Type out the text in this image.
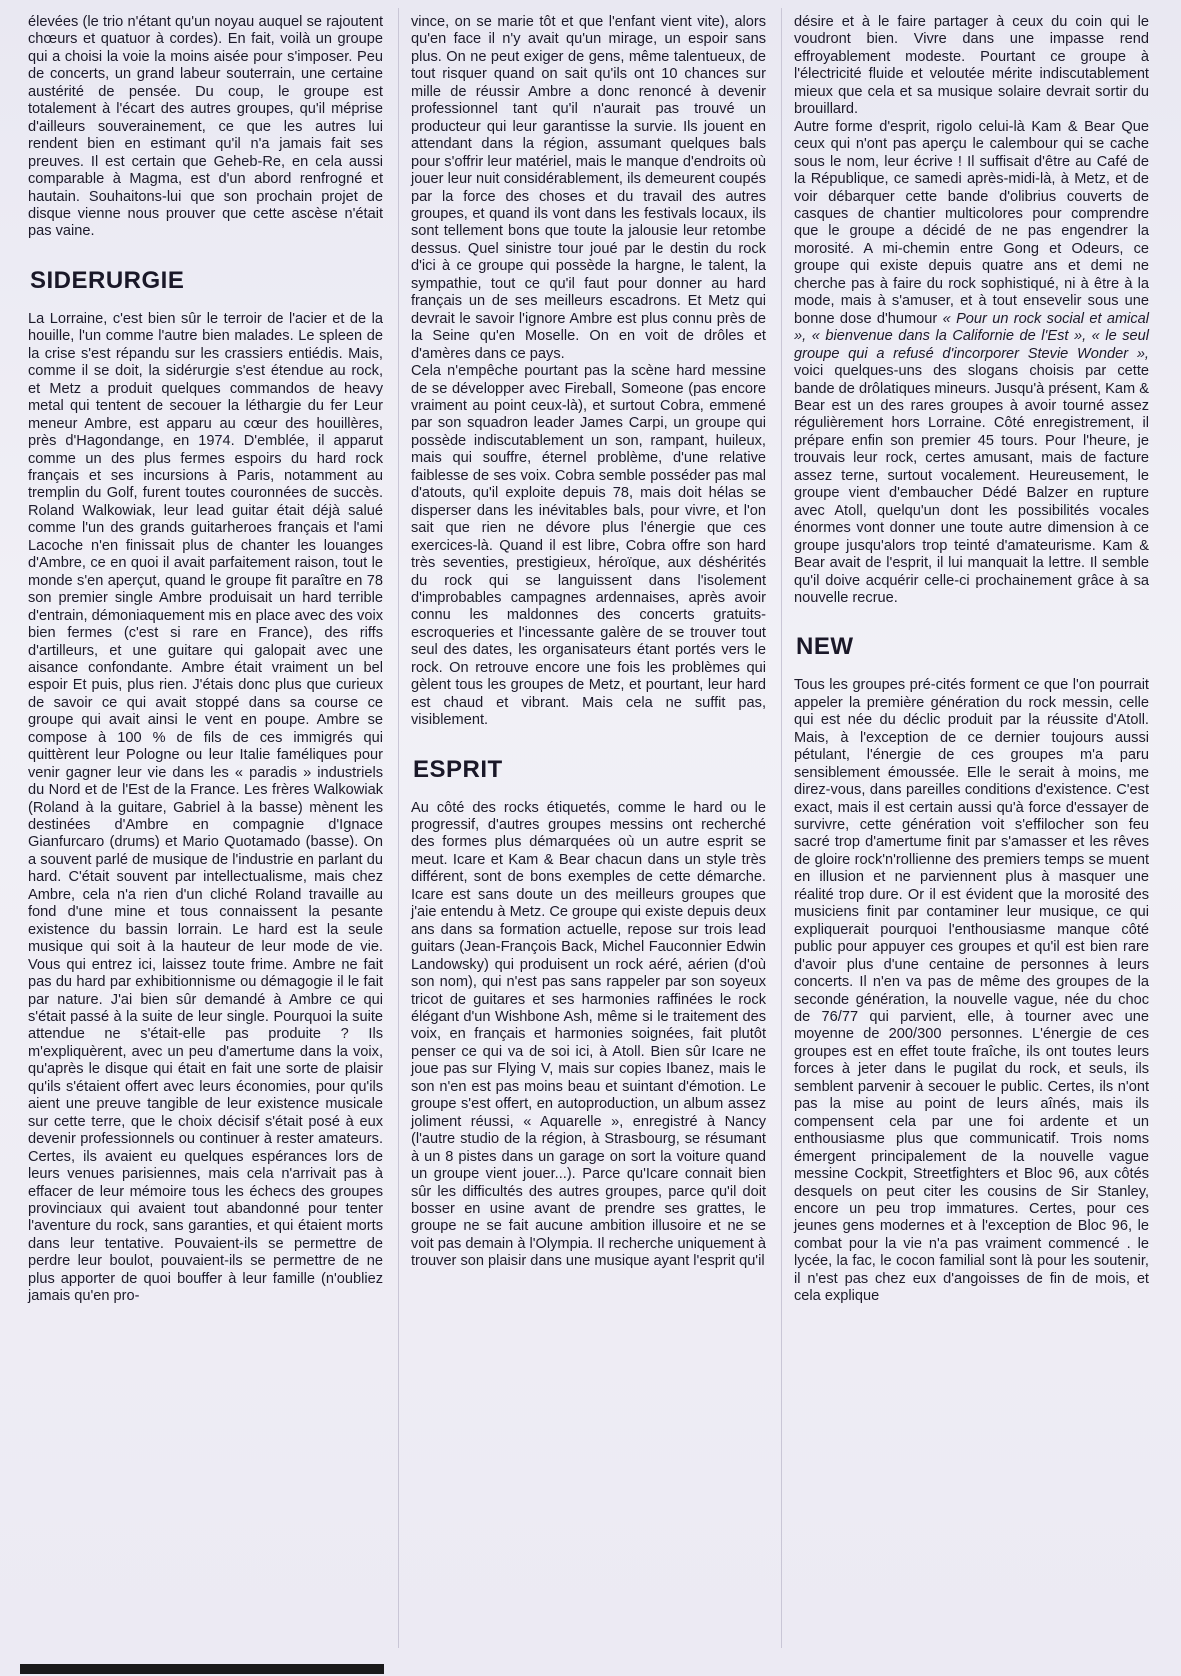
élevées (le trio n'étant qu'un noyau auquel se rajoutent chœurs et quatuor à cordes). En fait, voilà un groupe qui a choisi la voie la moins aisée pour s'imposer. Peu de concerts, un grand labeur souterrain, une certaine austérité de pensée. Du coup, le groupe est totalement à l'écart des autres groupes, qu'il méprise d'ailleurs souverainement, ce que les autres lui rendent bien en estimant qu'il n'a jamais fait ses preuves. Il est certain que Geheb-Re, en cela aussi comparable à Magma, est d'un abord renfrogné et hautain. Souhaitons-lui que son prochain projet de disque vienne nous prouver que cette ascèse n'était pas vaine.

SIDERURGIE

La Lorraine, c'est bien sûr le terroir de l'acier et de la houille, l'un comme l'autre bien malades. Le spleen de la crise s'est répandu sur les crassiers entiédis. Mais, comme il se doit, la sidérurgie s'est étendue au rock, et Metz a produit quelques commandos de heavy metal qui tentent de secouer la léthargie du fer Leur meneur Ambre, est apparu au cœur des houillères, près d'Hagondange, en 1974. D'emblée, il apparut comme un des plus fermes espoirs du hard rock français et ses incursions à Paris, notamment au tremplin du Golf, furent toutes couronnées de succès. Roland Walkowiak, leur lead guitar était déjà salué comme l'un des grands guitarheroes français et l'ami Lacoche n'en finissait plus de chanter les louanges d'Ambre, ce en quoi il avait parfaitement raison, tout le monde s'en aperçut, quand le groupe fit paraître en 78 son premier single Ambre produisait un hard terrible d'entrain, démoniaquement mis en place avec des voix bien fermes (c'est si rare en France), des riffs d'artilleurs, et une guitare qui galopait avec une aisance confondante. Ambre était vraiment un bel espoir Et puis, plus rien. J'étais donc plus que curieux de savoir ce qui avait stoppé dans sa course ce groupe qui avait ainsi le vent en poupe. Ambre se compose à 100 % de fils de ces immigrés qui quittèrent leur Pologne ou leur Italie faméliques pour venir gagner leur vie dans les « paradis » industriels du Nord et de l'Est de la France. Les frères Walkowiak (Roland à la guitare, Gabriel à la basse) mènent les destinées d'Ambre en compagnie d'Ignace Gianfurcaro (drums) et Mario Quotamado (basse). On a souvent parlé de musique de l'industrie en parlant du hard. C'était souvent par intellectualisme, mais chez Ambre, cela n'a rien d'un cliché Roland travaille au fond d'une mine et tous connaissent la pesante existence du bassin lorrain. Le hard est la seule musique qui soit à la hauteur de leur mode de vie. Vous qui entrez ici, laissez toute frime. Ambre ne fait pas du hard par exhibitionnisme ou démagogie il le fait par nature. J'ai bien sûr demandé à Ambre ce qui s'était passé à la suite de leur single. Pourquoi la suite attendue ne s'était-elle pas produite ? Ils m'expliquèrent, avec un peu d'amertume dans la voix, qu'après le disque qui était en fait une sorte de plaisir qu'ils s'étaient offert avec leurs économies, pour qu'ils aient une preuve tangible de leur existence musicale sur cette terre, que le choix décisif s'était posé à eux devenir professionnels ou continuer à rester amateurs. Certes, ils avaient eu quelques espérances lors de leurs venues parisiennes, mais cela n'arrivait pas à effacer de leur mémoire tous les échecs des groupes provinciaux qui avaient tout abandonné pour tenter l'aventure du rock, sans garanties, et qui étaient morts dans leur tentative. Pouvaient-ils se permettre de perdre leur boulot, pouvaient-ils se permettre de ne plus apporter de quoi bouffer à leur famille (n'oubliez jamais qu'en pro-

vince, on se marie tôt et que l'enfant vient vite), alors qu'en face il n'y avait qu'un mirage, un espoir sans plus. On ne peut exiger de gens, même talentueux, de tout risquer quand on sait qu'ils ont 10 chances sur mille de réussir Ambre a donc renoncé à devenir professionnel tant qu'il n'aurait pas trouvé un producteur qui leur garantisse la survie. Ils jouent en attendant dans la région, assumant quelques bals pour s'offrir leur matériel, mais le manque d'endroits où jouer leur nuit considérablement, ils demeurent coupés par la force des choses et du travail des autres groupes, et quand ils vont dans les festivals locaux, ils sont tellement bons que toute la jalousie leur retombe dessus. Quel sinistre tour joué par le destin du rock d'ici à ce groupe qui possède la hargne, le talent, la sympathie, tout ce qu'il faut pour donner au hard français un de ses meilleurs escadrons. Et Metz qui devrait le savoir l'ignore Ambre est plus connu près de la Seine qu'en Moselle. On en voit de drôles et d'amères dans ce pays.

Cela n'empêche pourtant pas la scène hard messine de se développer avec Fireball, Someone (pas encore vraiment au point ceux-là), et surtout Cobra, emmené par son squadron leader James Carpi, un groupe qui possède indiscutablement un son, rampant, huileux, mais qui souffre, éternel problème, d'une relative faiblesse de ses voix. Cobra semble posséder pas mal d'atouts, qu'il exploite depuis 78, mais doit hélas se disperser dans les inévitables bals, pour vivre, et l'on sait que rien ne dévore plus l'énergie que ces exercices-là. Quand il est libre, Cobra offre son hard très seventies, prestigieux, héroïque, aux déshérités du rock qui se languissent dans l'isolement d'improbables campagnes ardennaises, après avoir connu les maldonnes des concerts gratuits-escroqueries et l'incessante galère de se trouver tout seul des dates, les organisateurs étant portés vers le rock. On retrouve encore une fois les problèmes qui gèlent tous les groupes de Metz, et pourtant, leur hard est chaud et vibrant. Mais cela ne suffit pas, visiblement.

ESPRIT

Au côté des rocks étiquetés, comme le hard ou le progressif, d'autres groupes messins ont recherché des formes plus démarquées où un autre esprit se meut. Icare et Kam & Bear chacun dans un style très différent, sont de bons exemples de cette démarche. Icare est sans doute un des meilleurs groupes que j'aie entendu à Metz. Ce groupe qui existe depuis deux ans dans sa formation actuelle, repose sur trois lead guitars (Jean-François Back, Michel Fauconnier Edwin Landowsky) qui produisent un rock aéré, aérien (d'où son nom), qui n'est pas sans rappeler par son soyeux tricot de guitares et ses harmonies raffinées le rock élégant d'un Wishbone Ash, même si le traitement des voix, en français et harmonies soignées, fait plutôt penser ce qui va de soi ici, à Atoll. Bien sûr Icare ne joue pas sur Flying V, mais sur copies Ibanez, mais le son n'en est pas moins beau et suintant d'émotion. Le groupe s'est offert, en autoproduction, un album assez joliment réussi, « Aquarelle », enregistré à Nancy (l'autre studio de la région, à Strasbourg, se résumant à un 8 pistes dans un garage on sort la voiture quand un groupe vient jouer...). Parce qu'Icare connait bien sûr les difficultés des autres groupes, parce qu'il doit bosser en usine avant de prendre ses grattes, le groupe ne se fait aucune ambition illusoire et ne se voit pas demain à l'Olympia. Il recherche uniquement à trouver son plaisir dans une musique ayant l'esprit qu'il

désire et à le faire partager à ceux du coin qui le voudront bien. Vivre dans une impasse rend effroyablement modeste. Pourtant ce groupe à l'électricité fluide et veloutée mérite indiscutablement mieux que cela et sa musique solaire devrait sortir du brouillard.

Autre forme d'esprit, rigolo celui-là Kam & Bear Que ceux qui n'ont pas aperçu le calembour qui se cache sous le nom, leur écrive ! Il suffisait d'être au Café de la République, ce samedi après-midi-là, à Metz, et de voir débarquer cette bande d'olibrius couverts de casques de chantier multicolores pour comprendre que le groupe a décidé de ne pas engendrer la morosité. A mi-chemin entre Gong et Odeurs, ce groupe qui existe depuis quatre ans et demi ne cherche pas à faire du rock sophistiqué, ni à être à la mode, mais à s'amuser, et à tout ensevelir sous une bonne dose d'humour « Pour un rock social et amical », « bienvenue dans la Californie de l'Est », « le seul groupe qui a refusé d'incorporer Stevie Wonder », voici quelques-uns des slogans choisis par cette bande de drôlatiques mineurs. Jusqu'à présent, Kam & Bear est un des rares groupes à avoir tourné assez régulièrement hors Lorraine. Côté enregistrement, il prépare enfin son premier 45 tours. Pour l'heure, je trouvais leur rock, certes amusant, mais de facture assez terne, surtout vocalement. Heureusement, le groupe vient d'embaucher Dédé Balzer en rupture avec Atoll, quelqu'un dont les possibilités vocales énormes vont donner une toute autre dimension à ce groupe jusqu'alors trop teinté d'amateurisme. Kam & Bear avait de l'esprit, il lui manquait la lettre. Il semble qu'il doive acquérir celle-ci prochainement grâce à sa nouvelle recrue.

NEW

Tous les groupes pré-cités forment ce que l'on pourrait appeler la première génération du rock messin, celle qui est née du déclic produit par la réussite d'Atoll. Mais, à l'exception de ce dernier toujours aussi pétulant, l'énergie de ces groupes m'a paru sensiblement émoussée. Elle le serait à moins, me direz-vous, dans pareilles conditions d'existence. C'est exact, mais il est certain aussi qu'à force d'essayer de survivre, cette génération voit s'effilocher son feu sacré trop d'amertume finit par s'amasser et les rêves de gloire rock'n'rollienne des premiers temps se muent en illusion et ne parviennent plus à masquer une réalité trop dure. Or il est évident que la morosité des musiciens finit par contaminer leur musique, ce qui expliquerait pourquoi l'enthousiasme manque côté public pour appuyer ces groupes et qu'il est bien rare d'avoir plus d'une centaine de personnes à leurs concerts. Il n'en va pas de même des groupes de la seconde génération, la nouvelle vague, née du choc de 76/77 qui parvient, elle, à tourner avec une moyenne de 200/300 personnes. L'énergie de ces groupes est en effet toute fraîche, ils ont toutes leurs forces à jeter dans le pugilat du rock, et seuls, ils semblent parvenir à secouer le public. Certes, ils n'ont pas la mise au point de leurs aînés, mais ils compensent cela par une foi ardente et un enthousiasme plus que communicatif. Trois noms émergent principalement de la nouvelle vague messine Cockpit, Streetfighters et Bloc 96, aux côtés desquels on peut citer les cousins de Sir Stanley, encore un peu trop immatures. Certes, pour ces jeunes gens modernes et à l'exception de Bloc 96, le combat pour la vie n'a pas vraiment commencé . le lycée, la fac, le cocon familial sont là pour les soutenir, il n'est pas chez eux d'angoisses de fin de mois, et cela explique
